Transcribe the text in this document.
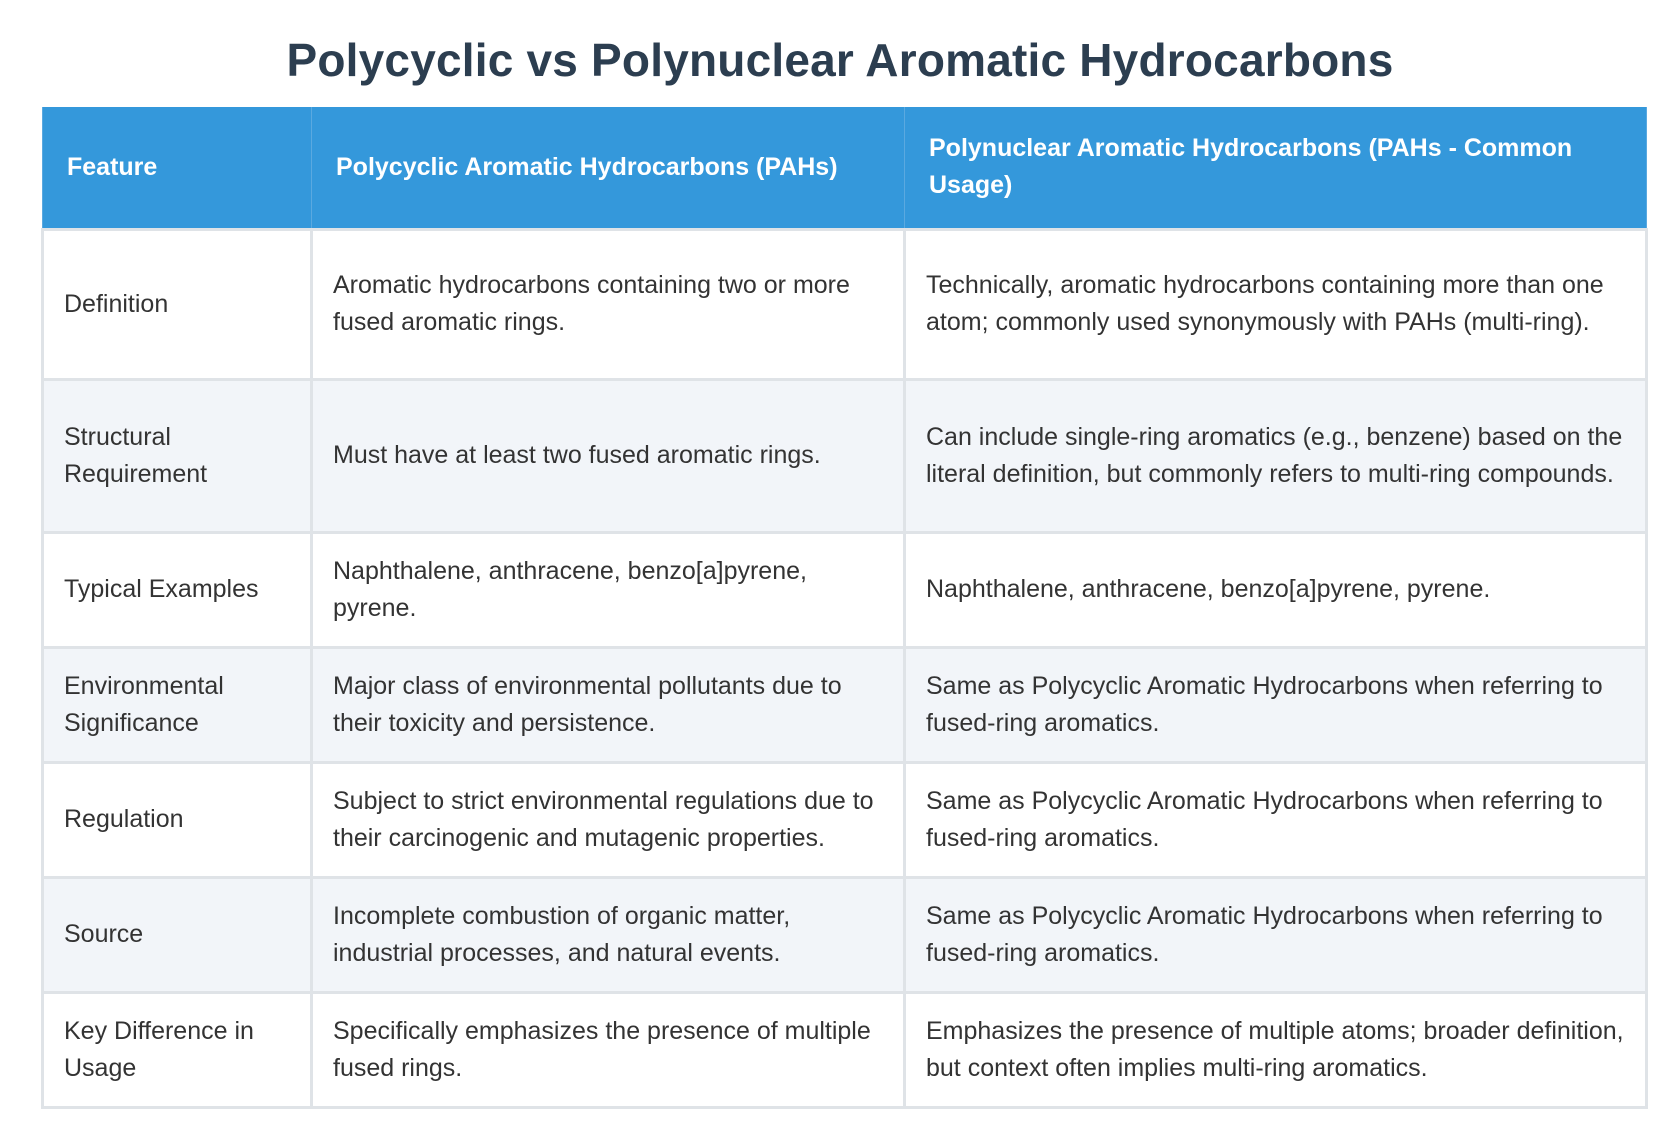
Polycyclic vs Polynuclear Aromatic Hydrocarbons
Feature	Polycyclic Aromatic Hydrocarbons (PAHs)	Polynuclear Aromatic Hydrocarbons (PAHs - Common Usage)
Definition	Aromatic hydrocarbons containing two or more fused aromatic rings.	Technically, aromatic hydrocarbons containing more than one atom; commonly used synonymously with PAHs (multi-ring).
Structural Requirement	Must have at least two fused aromatic rings.	Can include single-ring aromatics (e.g., benzene) based on the literal definition, but commonly refers to multi-ring compounds.
Typical Examples	Naphthalene, anthracene, benzo[a]pyrene, pyrene.	Naphthalene, anthracene, benzo[a]pyrene, pyrene.
Environmental Significance	Major class of environmental pollutants due to their toxicity and persistence.	Same as Polycyclic Aromatic Hydrocarbons when referring to fused-ring aromatics.
Regulation	Subject to strict environmental regulations due to their carcinogenic and mutagenic properties.	Same as Polycyclic Aromatic Hydrocarbons when referring to fused-ring aromatics.
Source	Incomplete combustion of organic matter, industrial processes, and natural events.	Same as Polycyclic Aromatic Hydrocarbons when referring to fused-ring aromatics.
Key Difference in Usage	Specifically emphasizes the presence of multiple fused rings.	Emphasizes the presence of multiple atoms; broader definition, but context often implies multi-ring aromatics.
